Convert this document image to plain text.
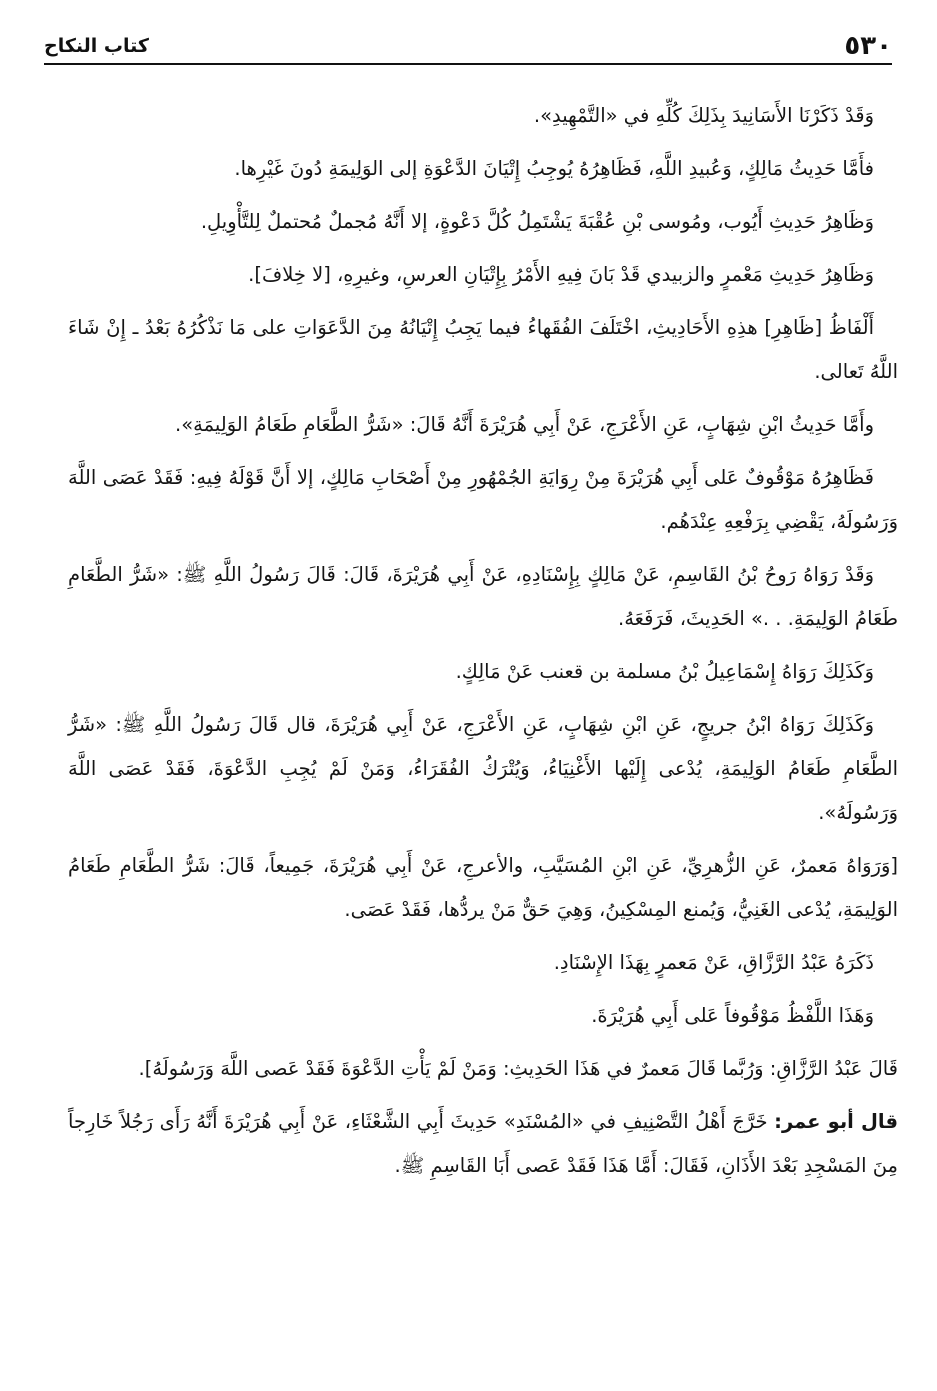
٥٣٠
كتاب النكاح

وَقَدْ ذَكَرْنَا الأَسَانِيدَ بِذَلِكَ كُلِّهِ في «التَّمْهِيدِ».

فأَمَّا حَدِيثُ مَالِكٍ، وَعُبيدِ اللَّهِ، فَظَاهِرُهُ يُوجِبُ إِتْيَانَ الدَّعْوَةِ إلى الوَلِيمَةِ دُونَ غَيْرِها.

وَظَاهِرُ حَدِيثِ أَيُوب، ومُوسى بْنِ عُقْبَةَ يَشْتَمِلُ كُلَّ دَعْوةٍ، إلا أَنَّهُ مُجملٌ مُحتملٌ لِلتَّأْوِيلِ.

وَظَاهِرُ حَدِيثِ مَعْمرٍ والزبيدي قَدْ بَانَ فِيهِ الأَمْرُ بِإِتْيَانِ العرسِ، وغيرِهِ، [لا خِلافَ].

أَلْفَاظُ [ظَاهِرِ] هذِهِ الأَحَادِيثِ، اخْتَلَفَ الفُقَهاءُ فيما يَجِبُ إِتْيَانُهُ مِنَ الدَّعَوَاتِ على مَا نَذْكُرُهُ بَعْدُ ـ إِنْ شَاءَ اللَّهُ تَعالى.

وأَمَّا حَدِيثُ ابْنِ شِهَابٍ، عَنِ الأَعْرَجِ، عَنْ أَبِي هُرَيْرَةَ أَنَّهُ قَالَ: «شَرُّ الطَّعَامِ طَعَامُ الوَلِيمَةِ».

فَظَاهِرُهُ مَوْقُوفٌ عَلى أَبِي هُرَيْرَةَ مِنْ رِوَايَةِ الجُمْهُورِ مِنْ أَصْحَابِ مَالِكٍ، إلا أَنَّ قَوْلَهُ فِيهِ: فَقَدْ عَصَى اللَّهَ وَرَسُولَهُ، يَقْضِي بِرَفْعِهِ عِنْدَهُم.

وَقَدْ رَوَاهُ رَوحُ بْنُ القَاسِمِ، عَنْ مَالِكٍ بِإِسْنَادِهِ، عَنْ أَبِي هُرَيْرَةَ، قَالَ: قَالَ رَسُولُ اللَّهِ ﷺ: «شَرُّ الطَّعَامِ طَعَامُ الوَلِيمَةِ. . .» الحَدِيثَ، فَرَفَعَهُ.

وَكَذَلِكَ رَوَاهُ إِسْمَاعِيلُ بْنُ مسلمة بن قعنب عَنْ مَالِكٍ.

وَكَذَلِكَ رَوَاهُ ابْنُ جريجٍ، عَنِ ابْنِ شِهَابٍ، عَنِ الأَعْرَجِ، عَنْ أَبِي هُرَيْرَةَ، قال قَالَ رَسُولُ اللَّهِ ﷺ: «شَرُّ الطَّعَامِ طَعَامُ الوَلِيمَةِ، يُدْعى إِلَيْها الأَغْنِيَاءُ، وَيُتْرَكُ الفُقَرَاءُ، وَمَنْ لَمْ يُجِبِ الدَّعْوَةَ، فَقَدْ عَصَى اللَّهَ وَرَسُولَهُ».

[وَرَوَاهُ مَعمرٌ، عَنِ الزُّهرِيِّ، عَنِ ابْنِ المُسَيَّبِ، والأعرجِ، عَنْ أَبِي هُرَيْرَةَ، جَمِيعاً، قَالَ: شَرُّ الطَّعَامِ طَعَامُ الوَلِيمَةِ، يُدْعى الغَنِيُّ، وَيُمنع المِسْكِينُ، وَهِيَ حَقٌّ مَنْ يردُّها، فَقَدْ عَصَى.

ذَكَرَهُ عَبْدُ الرَّزَّاقِ، عَنْ مَعمرٍ بِهَذَا الإِسْنَادِ.

وَهَذَا اللَّفْظُ مَوْقُوفاً عَلى أَبِي هُرَيْرَةَ.

قَالَ عَبْدُ الرَّزَّاقِ: وَرُبَّما قَالَ مَعمرٌ في هَذَا الحَدِيثِ: وَمَنْ لَمْ يَأْتِ الدَّعْوَةَ فَقَدْ عَصى اللَّهَ وَرَسُولَهُ].

قال أبو عمر: خَرَّجَ أَهْلُ التَّصْنِيفِ في «المُسْنَدِ» حَدِيثَ أَبِي الشَّعْثَاءِ، عَنْ أَبِي هُرَيْرَةَ أَنَّهُ رَأَى رَجُلاً خَارِجاً مِنَ المَسْجِدِ بَعْدَ الأَذَانِ، فَقَالَ: أَمَّا هَذَا فَقَدْ عَصى أَبَا القَاسِمِ ﷺ.
